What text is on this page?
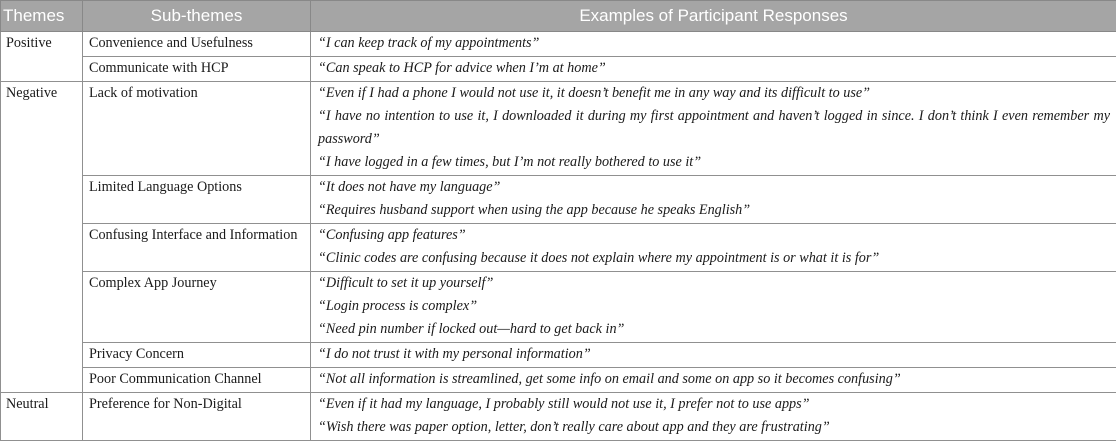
Themes	Sub-themes	Examples of Participant Responses
Positive	Convenience and Usefulness	“I can keep track of my appointments”

	Communicate with HCP	“Can speak to HCP for advice when I’m at home”

Negative	Lack of motivation	“Even if I had a phone I would not use it, it doesn’t benefit me in any way and its difficult to use”
“I have no intention to use it, I downloaded it during my first appointment and haven’t logged in since. I don’t think I even remember my password”
“I have logged in a few times, but I’m not really bothered to use it”

	Limited Language Options	“It does not have my language”
“Requires husband support when using the app because he speaks English”

	Confusing Interface and Information	“Confusing app features”
“Clinic codes are confusing because it does not explain where my appointment is or what it is for”

	Complex App Journey	“Difficult to set it up yourself”
“Login process is complex”
“Need pin number if locked out—hard to get back in”

	Privacy Concern	“I do not trust it with my personal information”

	Poor Communication Channel	“Not all information is streamlined, get some info on email and some on app so it becomes confusing”

Neutral	Preference for Non-Digital	“Even if it had my language, I probably still would not use it, I prefer not to use apps”
“Wish there was paper option, letter, don’t really care about app and they are frustrating”
